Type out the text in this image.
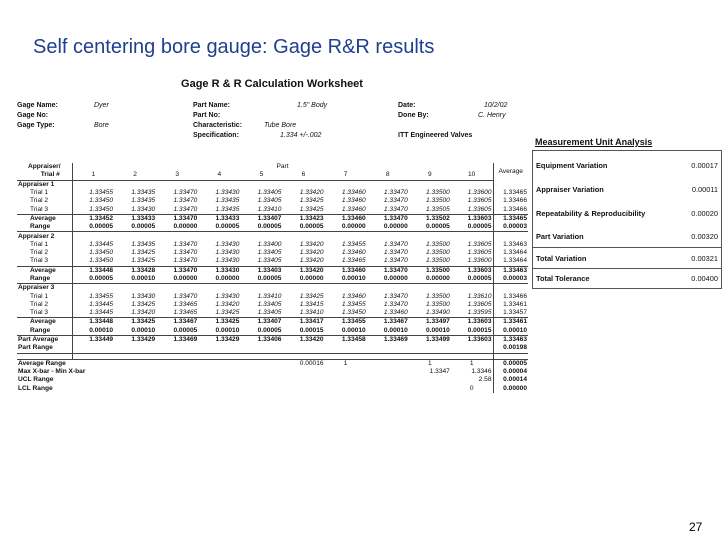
Self centering bore gauge: Gage R&R results
Gage R & R Calculation Worksheet
Gage Name:	Dyer
Gage No:
Gage Type:	Bore
Part Name:	1.5" Body
Part No:
Characteristic:	Tube Bore
Specification:	1.334 +/-.002
Date:	10/2/02
Done By:	C. Henry
ITT Engineered Valves
Appraiser/	Part										Average
Trial #	1	2	3	4	5	6	7	8	9	10	
Appraiser 1											
Trial 1	1.33455	1.33435	1.33470	1.33430	1.33405	1.33420	1.33460	1.33470	1.33500	1.33600	1.33465
Trial 2	1.33450	1.33435	1.33470	1.33435	1.33405	1.33425	1.33460	1.33470	1.33500	1.33605	1.33466
Trial 3	1.33450	1.33430	1.33470	1.33435	1.33410	1.33425	1.33460	1.33470	1.33505	1.33605	1.33466
Average	1.33452	1.33433	1.33470	1.33433	1.33407	1.33423	1.33460	1.33470	1.33502	1.33603	1.33465
Range	0.00005	0.00005	0.00000	0.00005	0.00005	0.00005	0.00000	0.00000	0.00005	0.00005	0.00003
Appraiser 2											
Trial 1	1.33445	1.33435	1.33470	1.33430	1.33400	1.33420	1.33455	1.33470	1.33500	1.33605	1.33463
Trial 2	1.33450	1.33425	1.33470	1.33430	1.33405	1.33420	1.33460	1.33470	1.33500	1.33605	1.33464
Trial 3	1.33450	1.33425	1.33470	1.33430	1.33405	1.33420	1.33465	1.33470	1.33500	1.33600	1.33464
Average	1.33448	1.33428	1.33470	1.33430	1.33403	1.33420	1.33460	1.33470	1.33500	1.33603	1.33463
Range	0.00005	0.00010	0.00000	0.00000	0.00005	0.00000	0.00010	0.00000	0.00000	0.00005	0.00003
Appraiser 3											
Trial 1	1.33455	1.33430	1.33470	1.33430	1.33410	1.33425	1.33460	1.33470	1.33500	1.33610	1.33466
Trial 2	1.33445	1.33425	1.33465	1.33420	1.33405	1.33415	1.33455	1.33470	1.33500	1.33605	1.33461
Trial 3	1.33445	1.33420	1.33465	1.33425	1.33405	1.33410	1.33450	1.33460	1.33490	1.33595	1.33457
Average	1.33448	1.33425	1.33467	1.33425	1.33407	1.33417	1.33455	1.33467	1.33497	1.33603	1.33461
Range	0.00010	0.00010	0.00005	0.00010	0.00005	0.00015	0.00010	0.00010	0.00010	0.00015	0.00010
Part Average	1.33449	1.33429	1.33469	1.33429	1.33406	1.33420	1.33458	1.33469	1.33499	1.33603	1.33463
Part Range											0.00198

Average Range						0.00016	1		1	1	0.00005
Max X-bar - Min X-bar									1.3347	1.3346	0.00004
UCL Range										2.58	0.00014
LCL Range										0	0.00000
Measurement Unit Analysis
Equipment Variation	0.00017
Appraiser Variation	0.00011
Repeatability & Reproducibility	0.00020
Part Variation	0.00320
Total Variation	0.00321
Total Tolerance	0.00400
27
